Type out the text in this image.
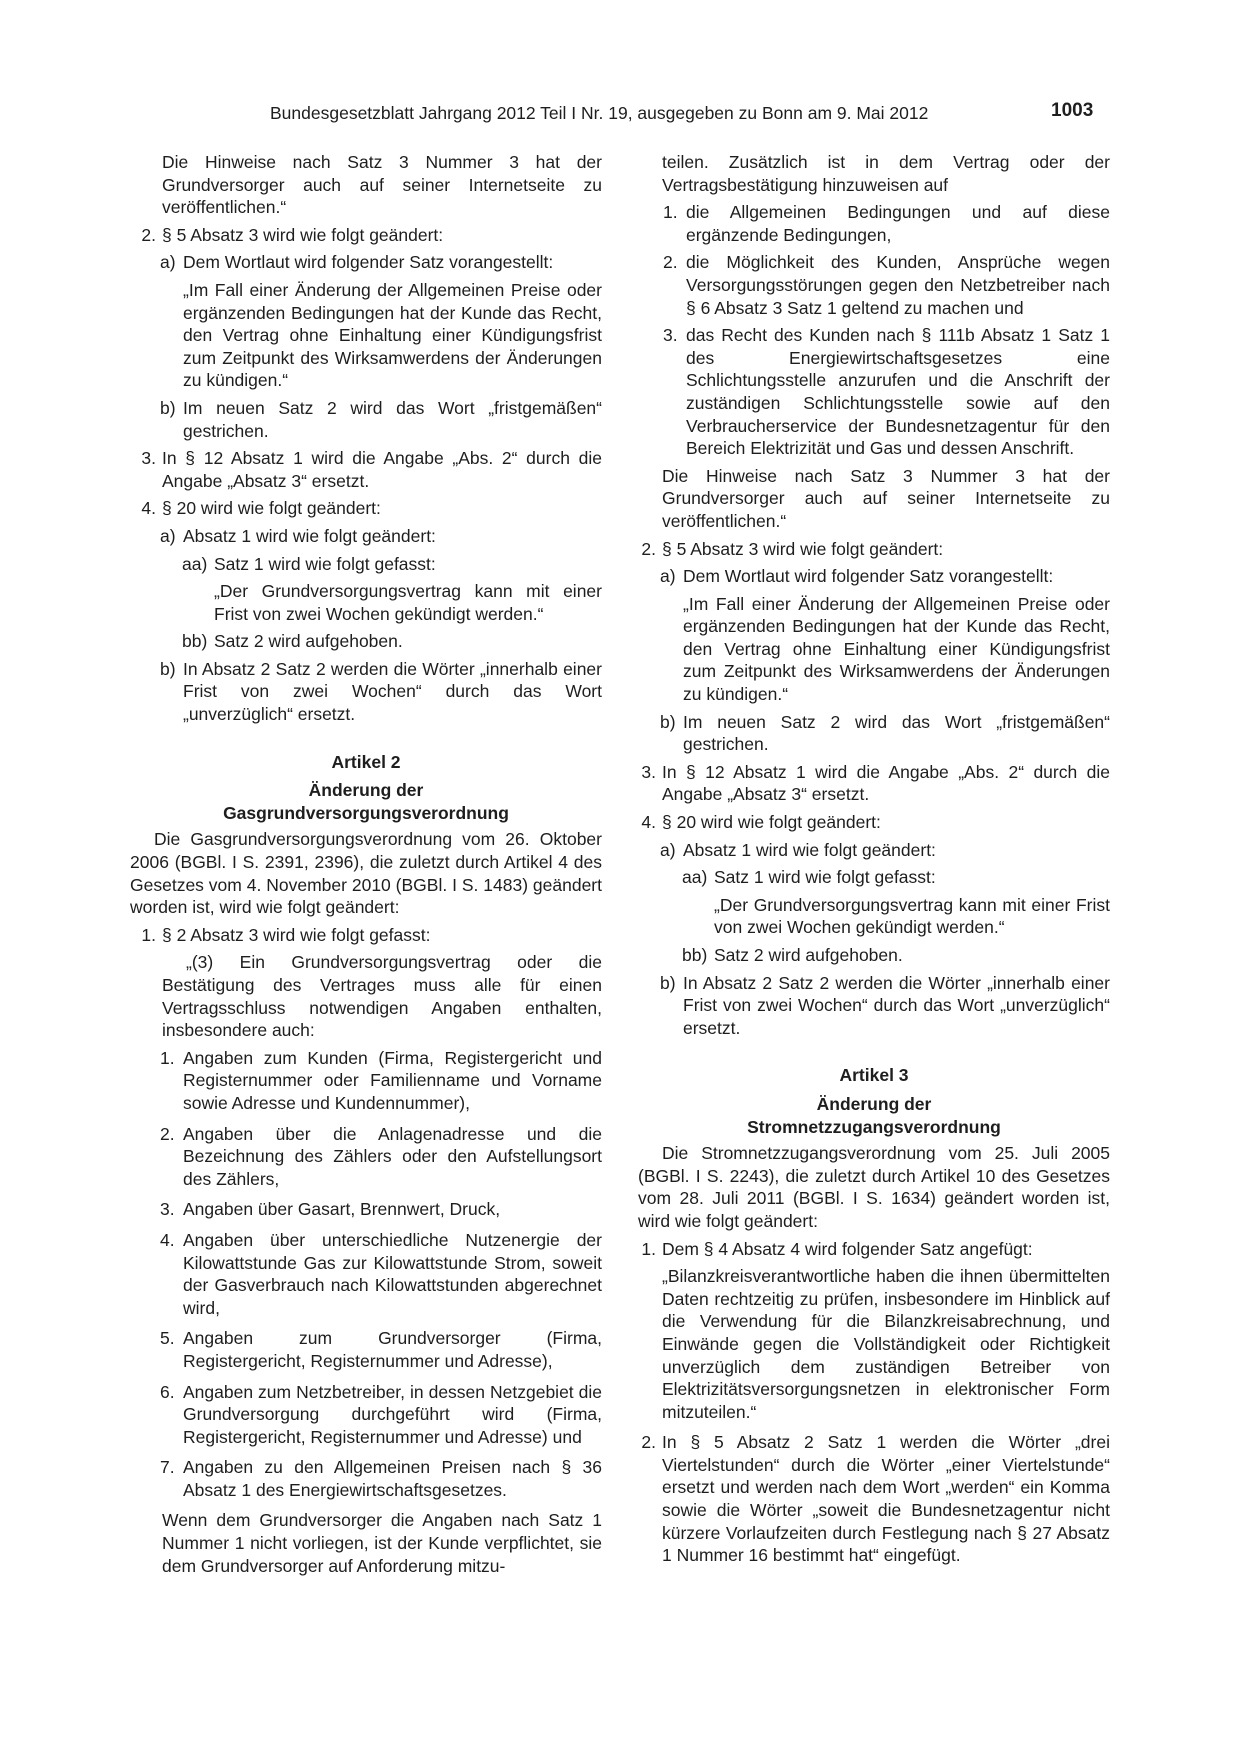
Bundesgesetzblatt Jahrgang 2012 Teil I Nr. 19, ausgegeben zu Bonn am 9. Mai 2012	1003

Die Hinweise nach Satz 3 Nummer 3 hat der Grundversorger auch auf seiner Internetseite zu veröffentlichen.“

2. § 5 Absatz 3 wird wie folgt geändert:
a) Dem Wortlaut wird folgender Satz vorangestellt:

„Im Fall einer Änderung der Allgemeinen Preise oder ergänzenden Bedingungen hat der Kunde das Recht, den Vertrag ohne Einhaltung einer Kündigungsfrist zum Zeitpunkt des Wirksamwerdens der Änderungen zu kündigen.“

b) Im neuen Satz 2 wird das Wort „fristgemäßen“ gestrichen.
3. In § 12 Absatz 1 wird die Angabe „Abs. 2“ durch die Angabe „Absatz 3“ ersetzt.
4. § 20 wird wie folgt geändert:
a) Absatz 1 wird wie folgt geändert:
aa) Satz 1 wird wie folgt gefasst:

„Der Grundversorgungsvertrag kann mit einer Frist von zwei Wochen gekündigt werden.“

bb) Satz 2 wird aufgehoben.
b) In Absatz 2 Satz 2 werden die Wörter „innerhalb einer Frist von zwei Wochen“ durch das Wort „unverzüglich“ ersetzt.

Artikel 2

Änderung der

Gasgrundversorgungsverordnung

Die Gasgrundversorgungsverordnung vom 26. Oktober 2006 (BGBl. I S. 2391, 2396), die zuletzt durch Artikel 4 des Gesetzes vom 4. November 2010 (BGBl. I S. 1483) geändert worden ist, wird wie folgt geändert:

1. § 2 Absatz 3 wird wie folgt gefasst:

„(3) Ein Grundversorgungsvertrag oder die Bestätigung des Vertrages muss alle für einen Vertragsschluss notwendigen Angaben enthalten, insbesondere auch:

1. Angaben zum Kunden (Firma, Registergericht und Registernummer oder Familienname und Vorname sowie Adresse und Kundennummer),
2. Angaben über die Anlagenadresse und die Bezeichnung des Zählers oder den Aufstellungsort des Zählers,
3. Angaben über Gasart, Brennwert, Druck,
4. Angaben über unterschiedliche Nutzenergie der Kilowattstunde Gas zur Kilowattstunde Strom, soweit der Gasverbrauch nach Kilowattstunden abgerechnet wird,
5. Angaben zum Grundversorger (Firma, Registergericht, Registernummer und Adresse),
6. Angaben zum Netzbetreiber, in dessen Netzgebiet die Grundversorgung durchgeführt wird (Firma, Registergericht, Registernummer und Adresse) und
7. Angaben zu den Allgemeinen Preisen nach § 36 Absatz 1 des Energiewirtschaftsgesetzes.

Wenn dem Grundversorger die Angaben nach Satz 1 Nummer 1 nicht vorliegen, ist der Kunde verpflichtet, sie dem Grundversorger auf Anforderung mitzu-

teilen. Zusätzlich ist in dem Vertrag oder der Vertragsbestätigung hinzuweisen auf

1. die Allgemeinen Bedingungen und auf diese ergänzende Bedingungen,
2. die Möglichkeit des Kunden, Ansprüche wegen Versorgungsstörungen gegen den Netzbetreiber nach § 6 Absatz 3 Satz 1 geltend zu machen und
3. das Recht des Kunden nach § 111b Absatz 1 Satz 1 des Energiewirtschaftsgesetzes eine Schlichtungsstelle anzurufen und die Anschrift der zuständigen Schlichtungsstelle sowie auf den Verbraucherservice der Bundesnetzagentur für den Bereich Elektrizität und Gas und dessen Anschrift.

Die Hinweise nach Satz 3 Nummer 3 hat der Grundversorger auch auf seiner Internetseite zu veröffentlichen.“

2. § 5 Absatz 3 wird wie folgt geändert:
a) Dem Wortlaut wird folgender Satz vorangestellt:

„Im Fall einer Änderung der Allgemeinen Preise oder ergänzenden Bedingungen hat der Kunde das Recht, den Vertrag ohne Einhaltung einer Kündigungsfrist zum Zeitpunkt des Wirksamwerdens der Änderungen zu kündigen.“

b) Im neuen Satz 2 wird das Wort „fristgemäßen“ gestrichen.
3. In § 12 Absatz 1 wird die Angabe „Abs. 2“ durch die Angabe „Absatz 3“ ersetzt.
4. § 20 wird wie folgt geändert:
a) Absatz 1 wird wie folgt geändert:
aa) Satz 1 wird wie folgt gefasst:

„Der Grundversorgungsvertrag kann mit einer Frist von zwei Wochen gekündigt werden.“

bb) Satz 2 wird aufgehoben.
b) In Absatz 2 Satz 2 werden die Wörter „innerhalb einer Frist von zwei Wochen“ durch das Wort „unverzüglich“ ersetzt.

Artikel 3

Änderung der

Stromnetzzugangsverordnung

Die Stromnetzzugangsverordnung vom 25. Juli 2005 (BGBl. I S. 2243), die zuletzt durch Artikel 10 des Gesetzes vom 28. Juli 2011 (BGBl. I S. 1634) geändert worden ist, wird wie folgt geändert:

1. Dem § 4 Absatz 4 wird folgender Satz angefügt:

„Bilanzkreisverantwortliche haben die ihnen übermittelten Daten rechtzeitig zu prüfen, insbesondere im Hinblick auf die Verwendung für die Bilanzkreisabrechnung, und Einwände gegen die Vollständigkeit oder Richtigkeit unverzüglich dem zuständigen Betreiber von Elektrizitätsversorgungsnetzen in elektronischer Form mitzuteilen.“

2. In § 5 Absatz 2 Satz 1 werden die Wörter „drei Viertelstunden“ durch die Wörter „einer Viertelstunde“ ersetzt und werden nach dem Wort „werden“ ein Komma sowie die Wörter „soweit die Bundesnetzagentur nicht kürzere Vorlaufzeiten durch Festlegung nach § 27 Absatz 1 Nummer 16 bestimmt hat“ eingefügt.
